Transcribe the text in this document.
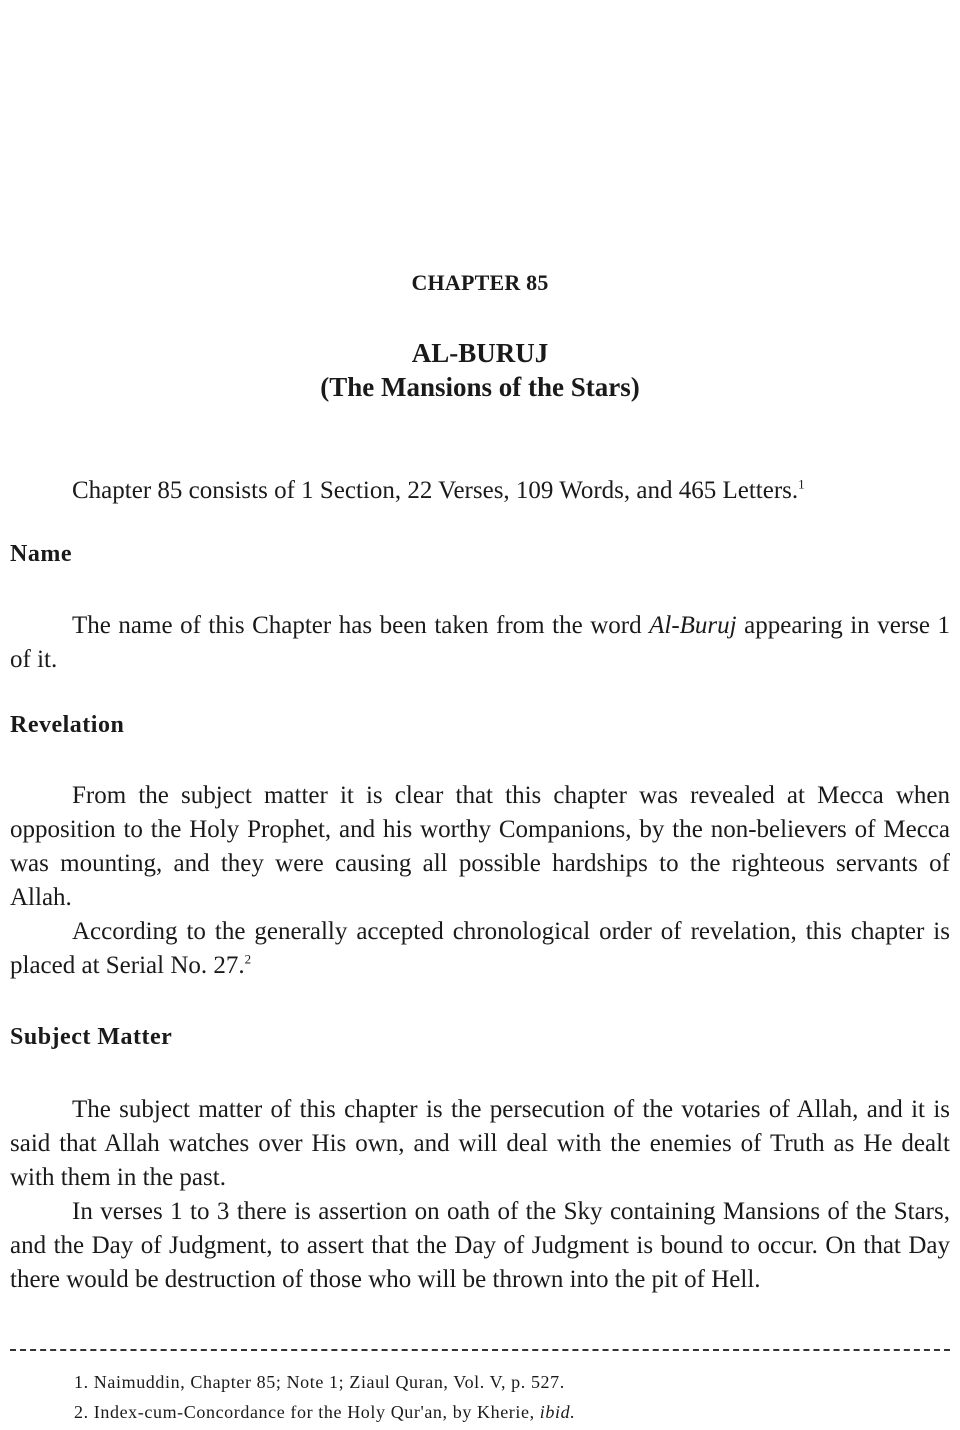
CHAPTER 85
AL-BURUJ
(The Mansions of the Stars)
Chapter 85 consists of 1 Section, 22 Verses, 109 Words, and 465 Letters.$^1$
Name
The name of this Chapter has been taken from the word Al-Buruj appearing in verse 1 of it.
Revelation

From the subject matter it is clear that this chapter was revealed at Mecca when opposition to the Holy Prophet, and his worthy Companions, by the non-believers of Mecca was mounting, and they were causing all possible hardships to the righteous servants of Allah.

According to the generally accepted chronological order of revelation, this chapter is placed at Serial No. 27.$^2$

Subject Matter

The subject matter of this chapter is the persecution of the votaries of Allah, and it is said that Allah watches over His own, and will deal with the enemies of Truth as He dealt with them in the past.

In verses 1 to 3 there is assertion on oath of the Sky containing Mansions of the Stars, and the Day of Judgment, to assert that the Day of Judgment is bound to occur. On that Day there would be destruction of those who will be thrown into the pit of Hell.

1. Naimuddin, Chapter 85; Note 1; Ziaul Quran, Vol. V, p. 527.
2. Index-cum-Concordance for the Holy Qur'an, by Kherie, ibid.
